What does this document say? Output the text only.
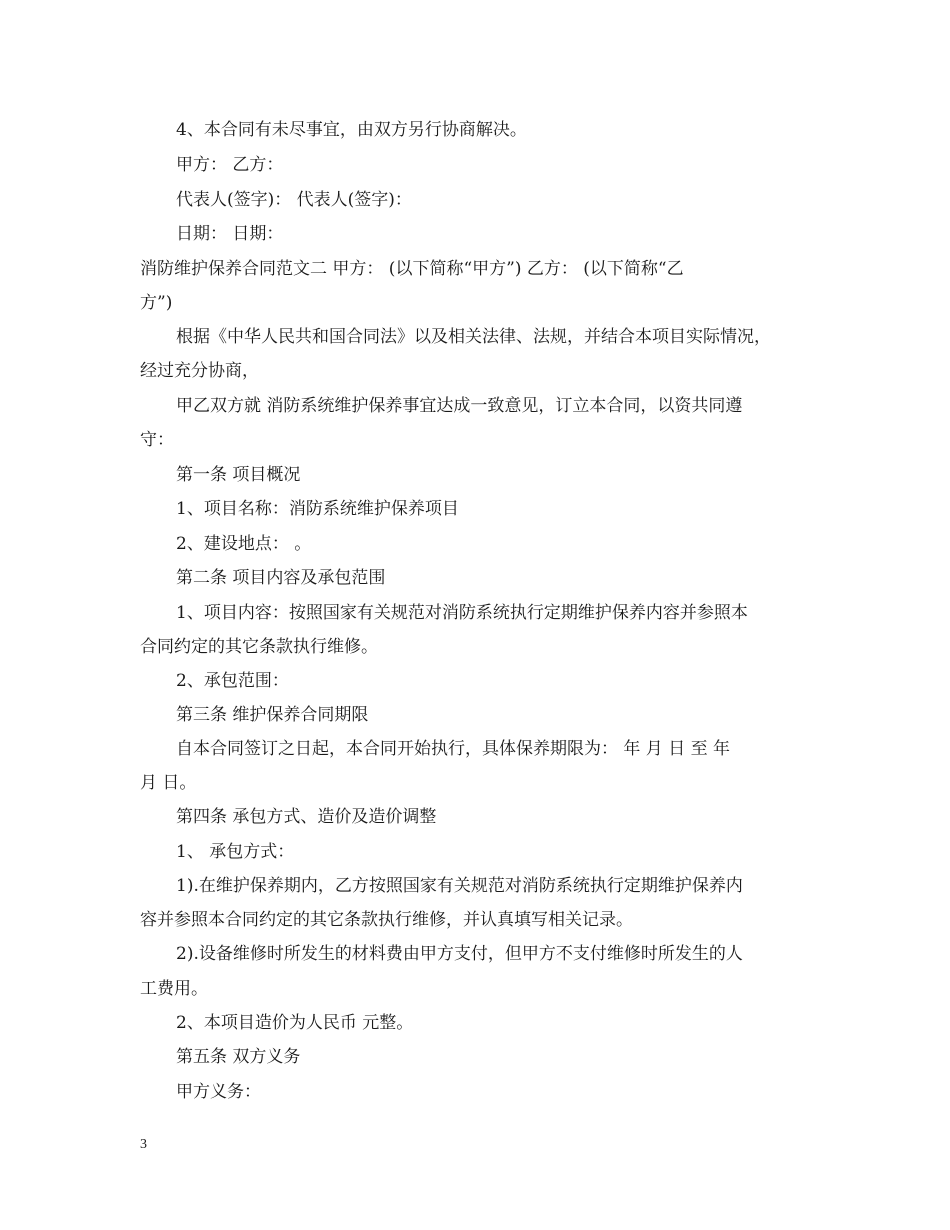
4、本合同有未尽事宜，由双方另行协商解决。
甲方： 乙方：
代表人(签字)： 代表人(签字)：
日期： 日期：
消防维护保养合同范文二 甲方： (以下简称“甲方”) 乙方： (以下简称“乙
方”)
根据《中华人民共和国合同法》以及相关法律、法规，并结合本项目实际情况，
经过充分协商，
甲乙双方就 消防系统维护保养事宜达成一致意见，订立本合同，以资共同遵
守：
第一条 项目概况
1、项目名称：消防系统维护保养项目
2、建设地点： 。
第二条 项目内容及承包范围
1、项目内容：按照国家有关规范对消防系统执行定期维护保养内容并参照本
合同约定的其它条款执行维修。
2、承包范围：
第三条 维护保养合同期限
自本合同签订之日起，本合同开始执行，具体保养期限为： 年 月 日 至 年
月 日。
第四条 承包方式、造价及造价调整
1、 承包方式：
1).在维护保养期内，乙方按照国家有关规范对消防系统执行定期维护保养内
容并参照本合同约定的其它条款执行维修，并认真填写相关记录。
2).设备维修时所发生的材料费由甲方支付，但甲方不支付维修时所发生的人
工费用。
2、本项目造价为人民币 元整。
第五条 双方义务
甲方义务：
3
